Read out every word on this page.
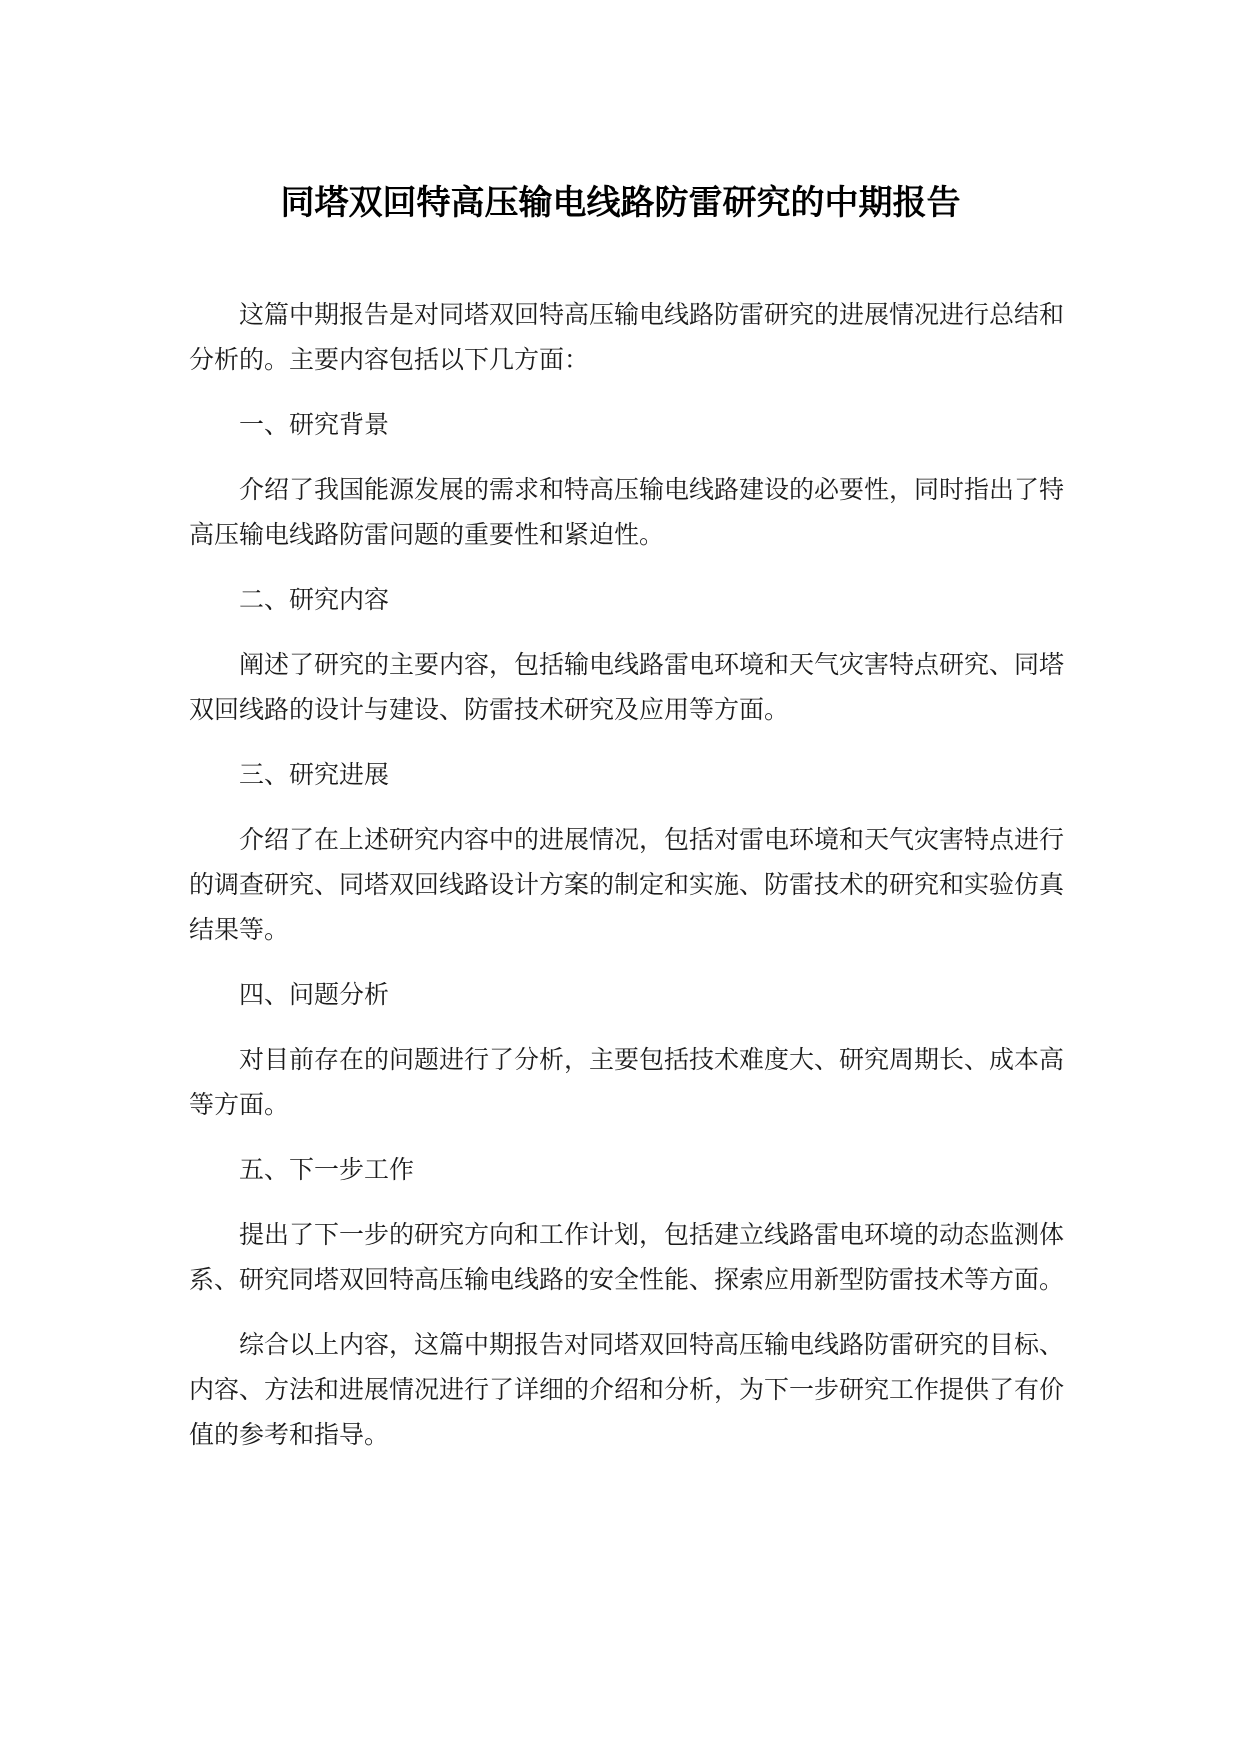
同塔双回特高压输电线路防雷研究的中期报告

这篇中期报告是对同塔双回特高压输电线路防雷研究的进展情况进行总结和分析的。主要内容包括以下几方面：

一、研究背景

介绍了我国能源发展的需求和特高压输电线路建设的必要性，同时指出了特高压输电线路防雷问题的重要性和紧迫性。

二、研究内容

阐述了研究的主要内容，包括输电线路雷电环境和天气灾害特点研究、同塔双回线路的设计与建设、防雷技术研究及应用等方面。

三、研究进展

介绍了在上述研究内容中的进展情况，包括对雷电环境和天气灾害特点进行的调查研究、同塔双回线路设计方案的制定和实施、防雷技术的研究和实验仿真结果等。

四、问题分析

对目前存在的问题进行了分析，主要包括技术难度大、研究周期长、成本高等方面。

五、下一步工作

提出了下一步的研究方向和工作计划，包括建立线路雷电环境的动态监测体系、研究同塔双回特高压输电线路的安全性能、探索应用新型防雷技术等方面。

综合以上内容，这篇中期报告对同塔双回特高压输电线路防雷研究的目标、内容、方法和进展情况进行了详细的介绍和分析，为下一步研究工作提供了有价值的参考和指导。
